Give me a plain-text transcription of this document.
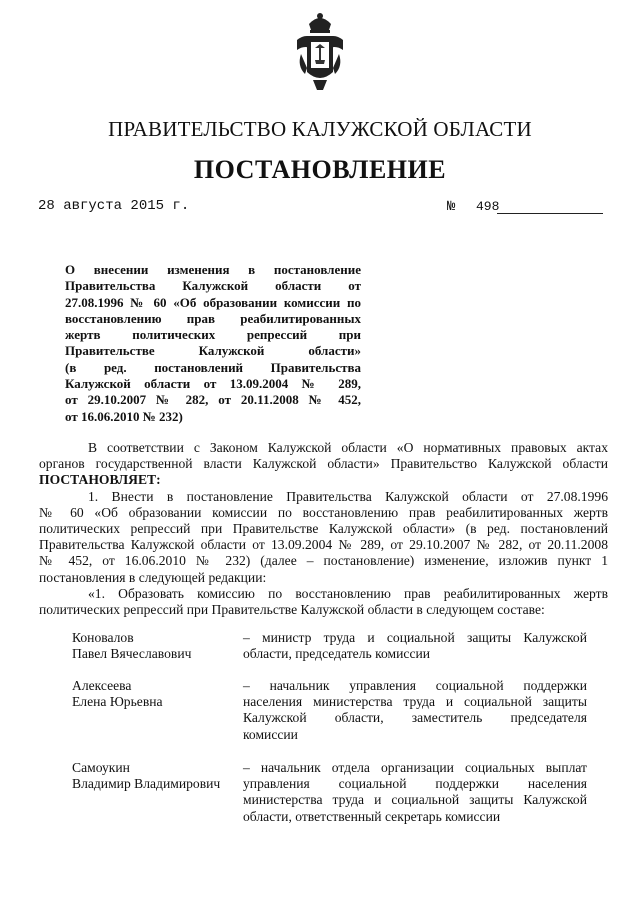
ПРАВИТЕЛЬСТВО КАЛУЖСКОЙ ОБЛАСТИ
ПОСТАНОВЛЕНИЕ
28 августа 2015 г.	№ 498
О внесении изменения в постановление
Правительства Калужской области от
27.08.1996 № 60 «Об образовании комиссии по
восстановлению прав реабилитированных
жертв политических репрессий при
Правительстве Калужской области»
(в ред. постановлений Правительства
Калужской области от 13.09.2004 № 289,
от 29.10.2007 № 282, от 20.11.2008 № 452,
от 16.06.2010 № 232)
В соответствии с Законом Калужской области «О нормативных правовых актах
органов государственной власти Калужской области» Правительство Калужской области
ПОСТАНОВЛЯЕТ:
1. Внести в постановление Правительства Калужской области от 27.08.1996
№ 60 «Об образовании комиссии по восстановлению прав реабилитированных жертв
политических репрессий при Правительстве Калужской области» (в ред. постановлений
Правительства Калужской области от 13.09.2004 № 289, от 29.10.2007 № 282, от 20.11.2008
№ 452, от 16.06.2010 № 232) (далее – постановление) изменение, изложив пункт 1
постановления в следующей редакции:
«1. Образовать комиссию по восстановлению прав реабилитированных жертв
политических репрессий при Правительстве Калужской области в следующем составе:
Коновалов
Павел Вячеславович
– министр труда и социальной защиты Калужской
области, председатель комиссии
Алексеева
Елена Юрьевна
– начальник управления социальной поддержки
населения министерства труда и социальной защиты
Калужской области, заместитель председателя
комиссии
Самоукин
Владимир Владимирович
– начальник отдела организации социальных выплат
управления социальной поддержки населения
министерства труда и социальной защиты Калужской
области, ответственный секретарь комиссии
